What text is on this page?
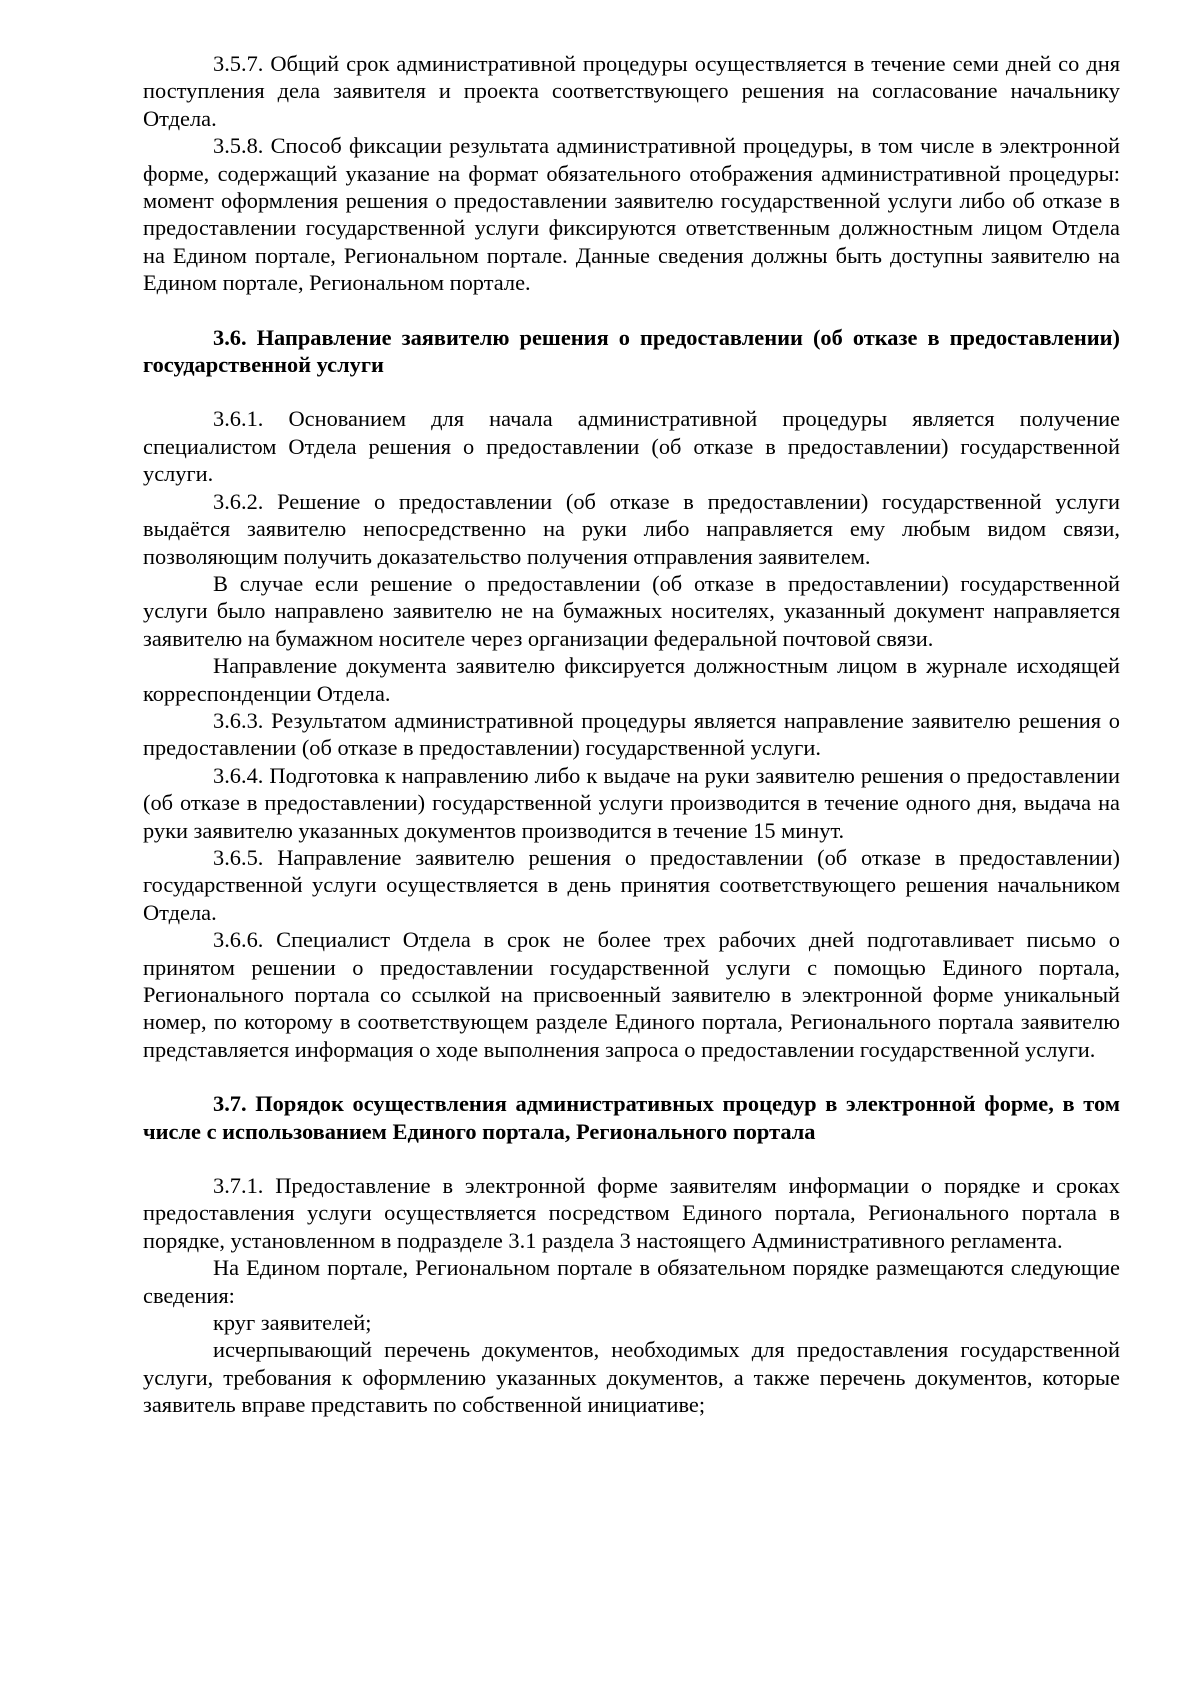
3.5.7. Общий срок административной процедуры осуществляется в течение семи дней со дня поступления дела заявителя и проекта соответствующего решения на согласование начальнику Отдела.

3.5.8. Способ фиксации результата административной процедуры, в том числе в электронной форме, содержащий указание на формат обязательного отображения административной процедуры: момент оформления решения о предоставлении заявителю государственной услуги либо об отказе в предоставлении государственной услуги фиксируются ответственным должностным лицом Отдела на Едином портале, Региональном портале. Данные сведения должны быть доступны заявителю на Едином портале, Региональном портале.

3.6. Направление заявителю решения о предоставлении (об отказе в предоставлении) государственной услуги

3.6.1. Основанием для начала административной процедуры является получение специалистом Отдела решения о предоставлении (об отказе в предоставлении) государственной услуги.

3.6.2. Решение о предоставлении (об отказе в предоставлении) государственной услуги выдаётся заявителю непосредственно на руки либо направляется ему любым видом связи, позволяющим получить доказательство получения отправления заявителем.

В случае если решение о предоставлении (об отказе в предоставлении) государственной услуги было направлено заявителю не на бумажных носителях, указанный документ направляется заявителю на бумажном носителе через организации федеральной почтовой связи.

Направление документа заявителю фиксируется должностным лицом в журнале исходящей корреспонденции Отдела.

3.6.3. Результатом административной процедуры является направление заявителю решения о предоставлении (об отказе в предоставлении) государственной услуги.

3.6.4. Подготовка к направлению либо к выдаче на руки заявителю решения о предоставлении (об отказе в предоставлении) государственной услуги производится в течение одного дня, выдача на руки заявителю указанных документов производится в течение 15 минут.

3.6.5. Направление заявителю решения о предоставлении (об отказе в предоставлении) государственной услуги осуществляется в день принятия соответствующего решения начальником Отдела.

3.6.6. Специалист Отдела в срок не более трех рабочих дней подготавливает письмо о принятом решении о предоставлении государственной услуги с помощью Единого портала, Регионального портала со ссылкой на присвоенный заявителю в электронной форме уникальный номер, по которому в соответствующем разделе Единого портала, Регионального портала заявителю представляется информация о ходе выполнения запроса о предоставлении государственной услуги.

3.7. Порядок осуществления административных процедур в электронной форме, в том числе с использованием Единого портала, Регионального портала

3.7.1. Предоставление в электронной форме заявителям информации о порядке и сроках предоставления услуги осуществляется посредством Единого портала, Регионального портала в порядке, установленном в подразделе 3.1 раздела 3 настоящего Административного регламента.

На Едином портале, Региональном портале в обязательном порядке размещаются следующие сведения:

круг заявителей;

исчерпывающий перечень документов, необходимых для предоставления государственной услуги, требования к оформлению указанных документов, а также перечень документов, которые заявитель вправе представить по собственной инициативе;
